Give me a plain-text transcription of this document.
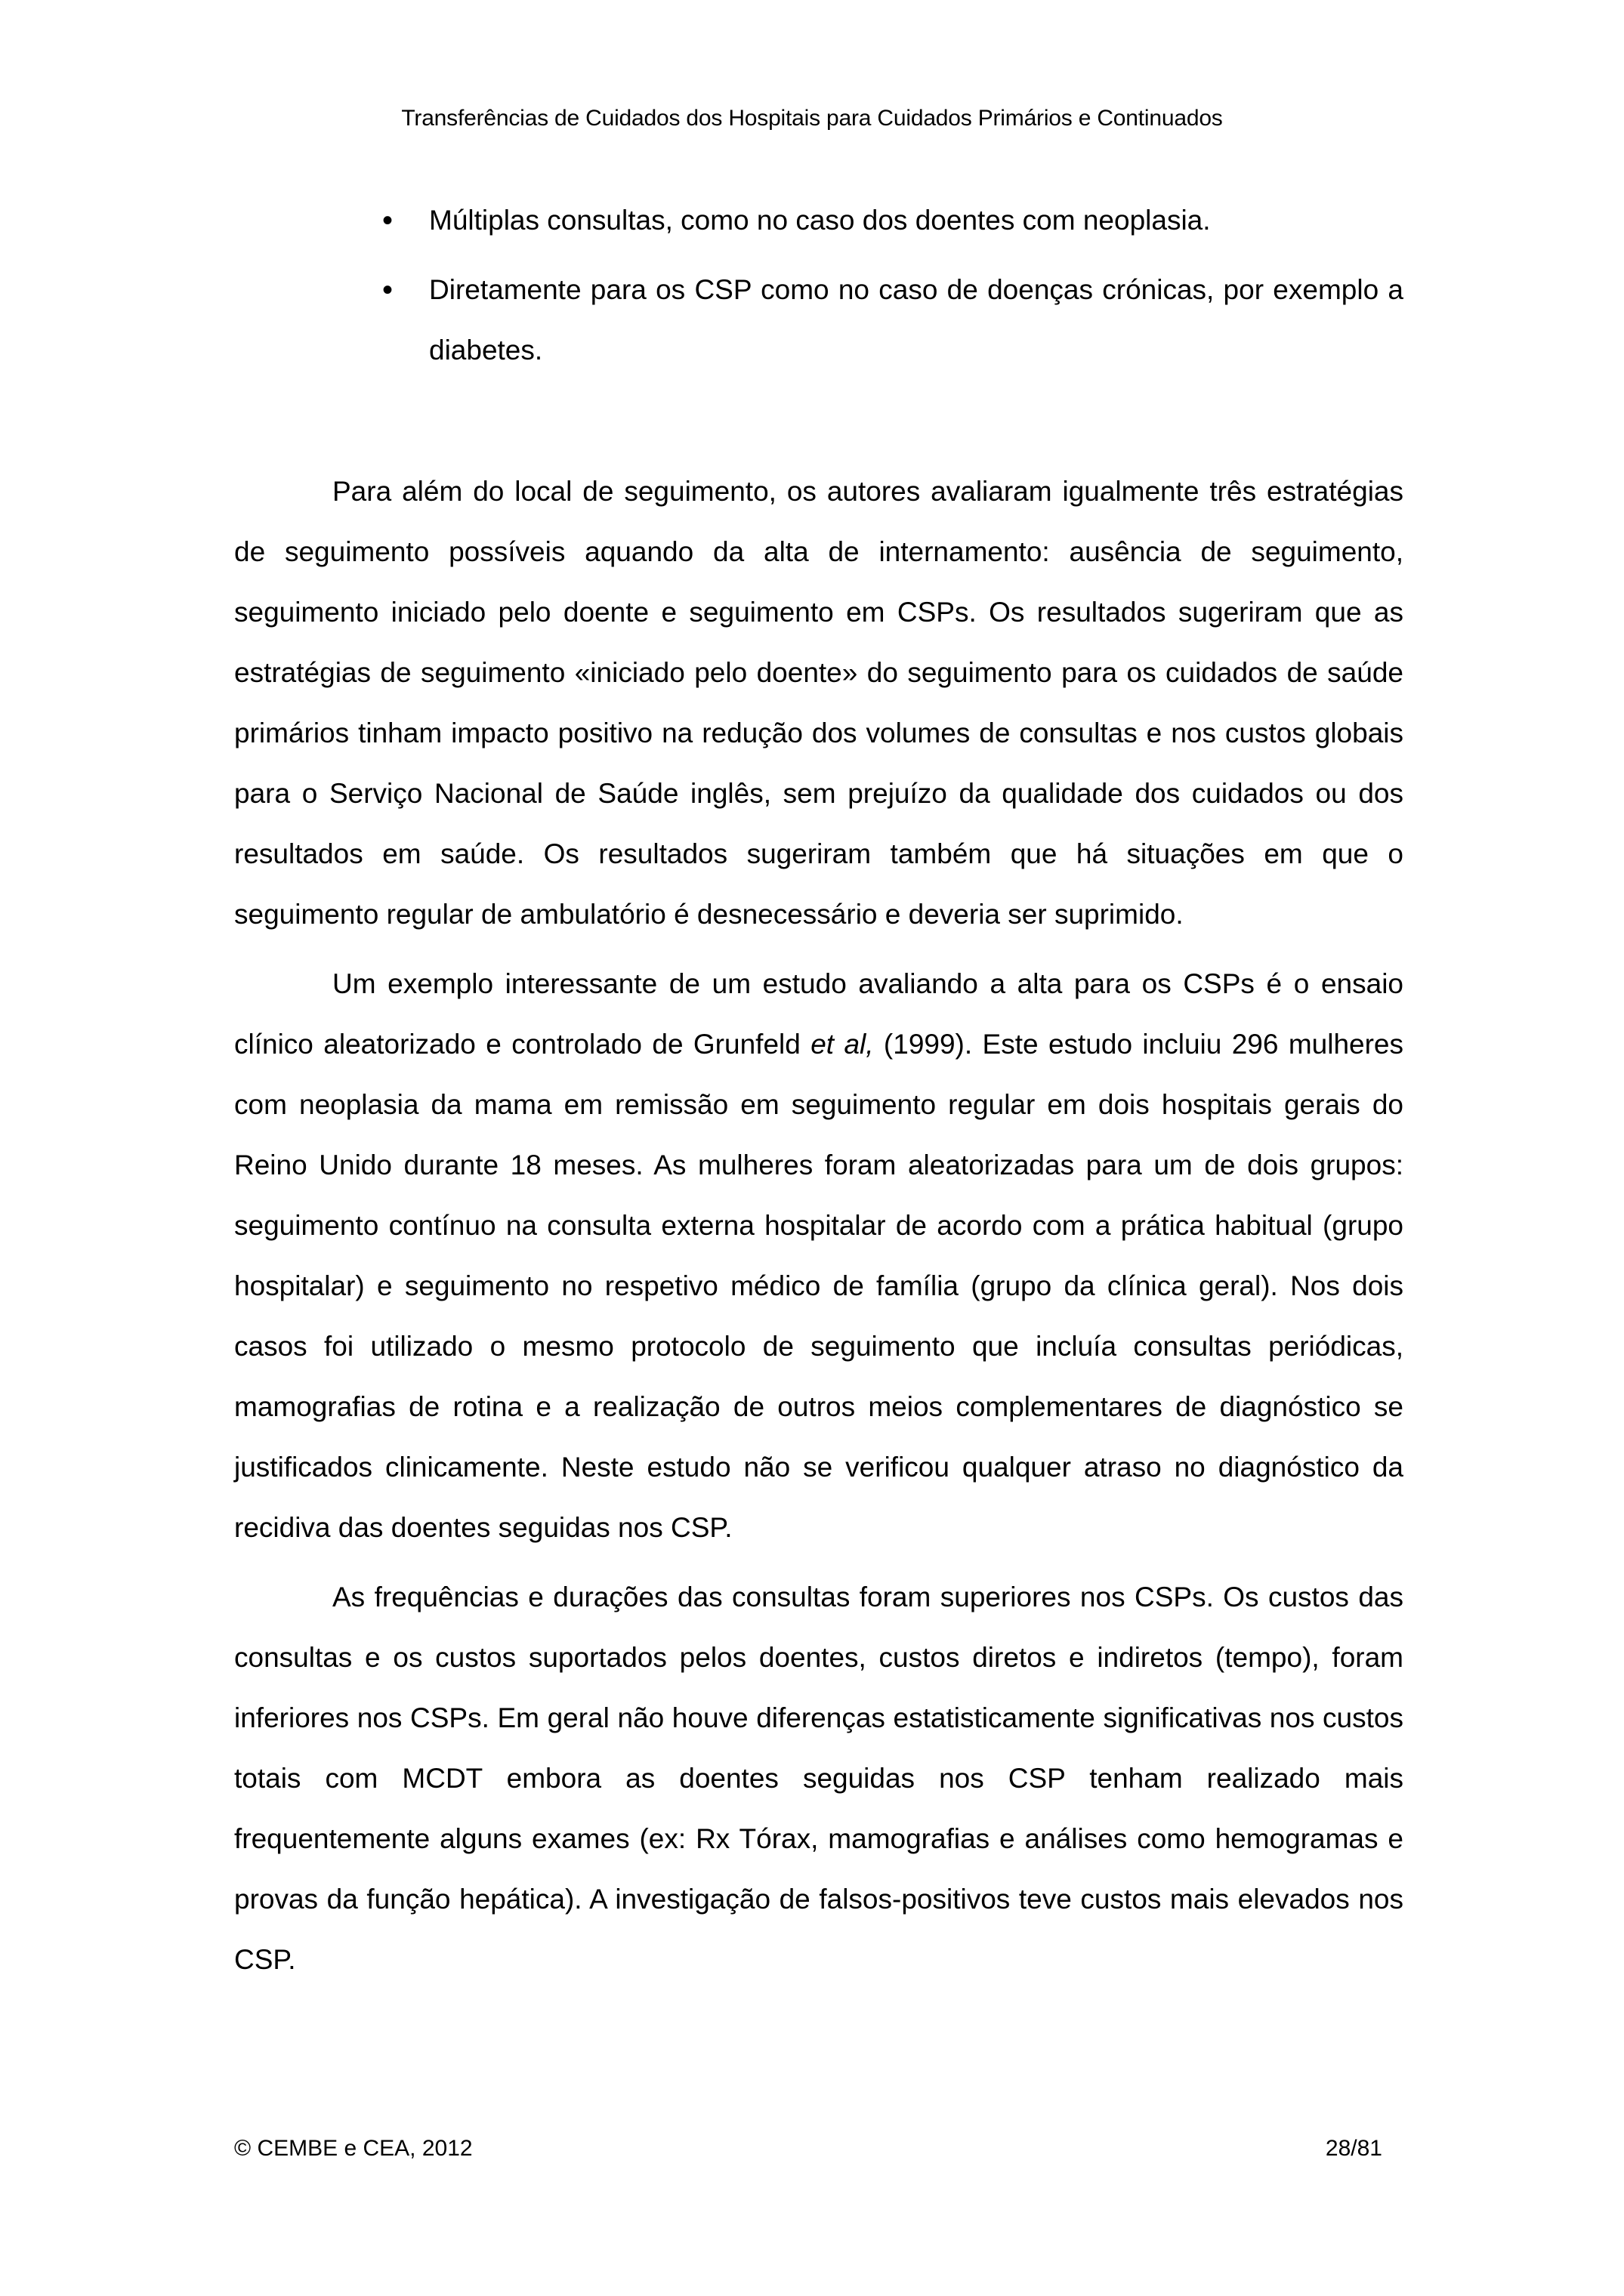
Transferências de Cuidados dos Hospitais para Cuidados Primários e Continuados
• Múltiplas consultas, como no caso dos doentes com neoplasia.
• Diretamente para os CSP como no caso de doenças crónicas, por exemplo a diabetes.

Para além do local de seguimento, os autores avaliaram igualmente três estratégias de seguimento possíveis aquando da alta de internamento: ausência de seguimento, seguimento iniciado pelo doente e seguimento em CSPs. Os resultados sugeriram que as estratégias de seguimento «iniciado pelo doente» do seguimento para os cuidados de saúde primários tinham impacto positivo na redução dos volumes de consultas e nos custos globais para o Serviço Nacional de Saúde inglês, sem prejuízo da qualidade dos cuidados ou dos resultados em saúde. Os resultados sugeriram também que há situações em que o seguimento regular de ambulatório é desnecessário e deveria ser suprimido.

Um exemplo interessante de um estudo avaliando a alta para os CSPs é o ensaio clínico aleatorizado e controlado de Grunfeld et al, (1999). Este estudo incluiu 296 mulheres com neoplasia da mama em remissão em seguimento regular em dois hospitais gerais do Reino Unido durante 18 meses. As mulheres foram aleatorizadas para um de dois grupos: seguimento contínuo na consulta externa hospitalar de acordo com a prática habitual (grupo hospitalar) e seguimento no respetivo médico de família (grupo da clínica geral). Nos dois casos foi utilizado o mesmo protocolo de seguimento que incluía consultas periódicas, mamografias de rotina e a realização de outros meios complementares de diagnóstico se justificados clinicamente. Neste estudo não se verificou qualquer atraso no diagnóstico da recidiva das doentes seguidas nos CSP.

As frequências e durações das consultas foram superiores nos CSPs. Os custos das consultas e os custos suportados pelos doentes, custos diretos e indiretos (tempo), foram inferiores nos CSPs. Em geral não houve diferenças estatisticamente significativas nos custos totais com MCDT embora as doentes seguidas nos CSP tenham realizado mais frequentemente alguns exames (ex: Rx Tórax, mamografias e análises como hemogramas e provas da função hepática). A investigação de falsos-positivos teve custos mais elevados nos CSP.

© CEMBE e CEA, 2012	28/81
